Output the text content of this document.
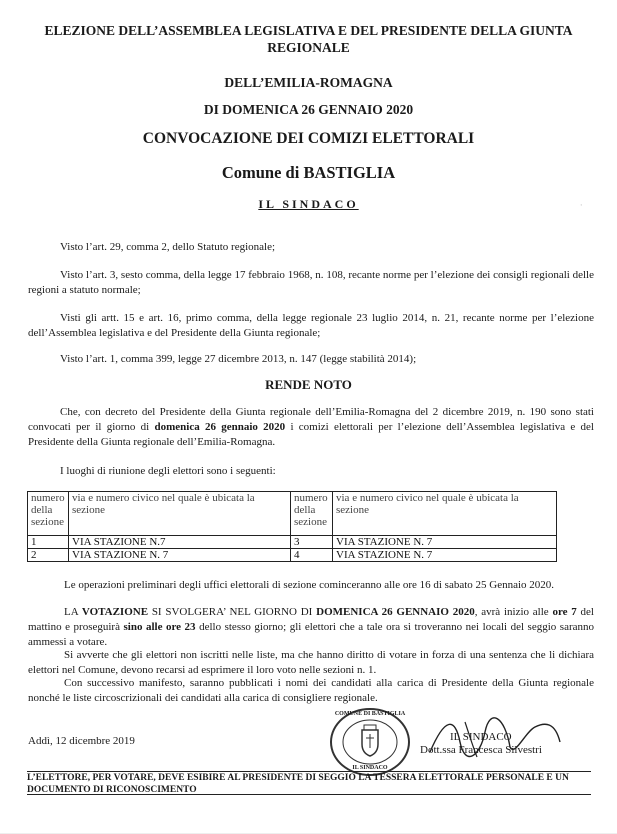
ELEZIONE DELL’ASSEMBLEA LEGISLATIVA E DEL PRESIDENTE DELLA GIUNTA
REGIONALE
DELL’EMILIA-ROMAGNA
DI DOMENICA 26 GENNAIO 2020
CONVOCAZIONE DEI COMIZI ELETTORALI
Comune di BASTIGLIA
IL SINDACO
Visto l’art. 29, comma 2, dello Statuto regionale;
Visto l’art. 3, sesto comma, della legge 17 febbraio 1968, n. 108, recante norme per l’elezione dei consigli regionali delle regioni a statuto normale;
Visti gli artt. 15 e art. 16, primo comma, della legge regionale 23 luglio 2014, n. 21, recante norme per l’elezione dell’Assemblea legislativa e del Presidente della Giunta regionale;
Visto l’art. 1, comma 399, legge 27 dicembre 2013, n. 147 (legge stabilità 2014);
RENDE NOTO
Che, con decreto del Presidente della Giunta regionale dell’Emilia-Romagna del 2 dicembre 2019, n. 190 sono stati convocati per il giorno di domenica 26 gennaio 2020 i comizi elettorali per l’elezione dell’Assemblea legislativa e del Presidente della Giunta regionale dell’Emilia-Romagna.
I luoghi di riunione degli elettori sono i seguenti:
numero della sezione	via e numero civico nel quale è ubicata la sezione	numero della sezione	via e numero civico nel quale è ubicata la sezione
1	VIA STAZIONE N.7	3	VIA STAZIONE N. 7
2	VIA STAZIONE N. 7	4	VIA STAZIONE N. 7
Le operazioni preliminari degli uffici elettorali di sezione cominceranno alle ore 16 di sabato 25 Gennaio 2020.
LA VOTAZIONE SI SVOLGERA’ NEL GIORNO DI DOMENICA 26 GENNAIO 2020, avrà inizio alle ore 7 del mattino e proseguirà sino alle ore 23 dello stesso giorno; gli elettori che a tale ora si troveranno nei locali del seggio saranno ammessi a votare.
Si avverte che gli elettori non iscritti nelle liste, ma che hanno diritto di votare in forza di una sentenza che li dichiara elettori nel Comune, devono recarsi ad esprimere il loro voto nelle sezioni n. 1.
Con successivo manifesto, saranno pubblicati i nomi dei candidati alla carica di Presidente della Giunta regionale nonché le liste circoscrizionali dei candidati alla carica di consigliere regionale.
Addì, 12 dicembre 2019
COMUNE DI BASTIGLIA
IL SINDACO
IL SINDACO
Dott.ssa Francesca Silvestri
L’ELETTORE, PER VOTARE, DEVE ESIBIRE AL PRESIDENTE DI SEGGIO LA TESSERA ELETTORALE PERSONALE E UN DOCUMENTO DI RICONOSCIMENTO
·
